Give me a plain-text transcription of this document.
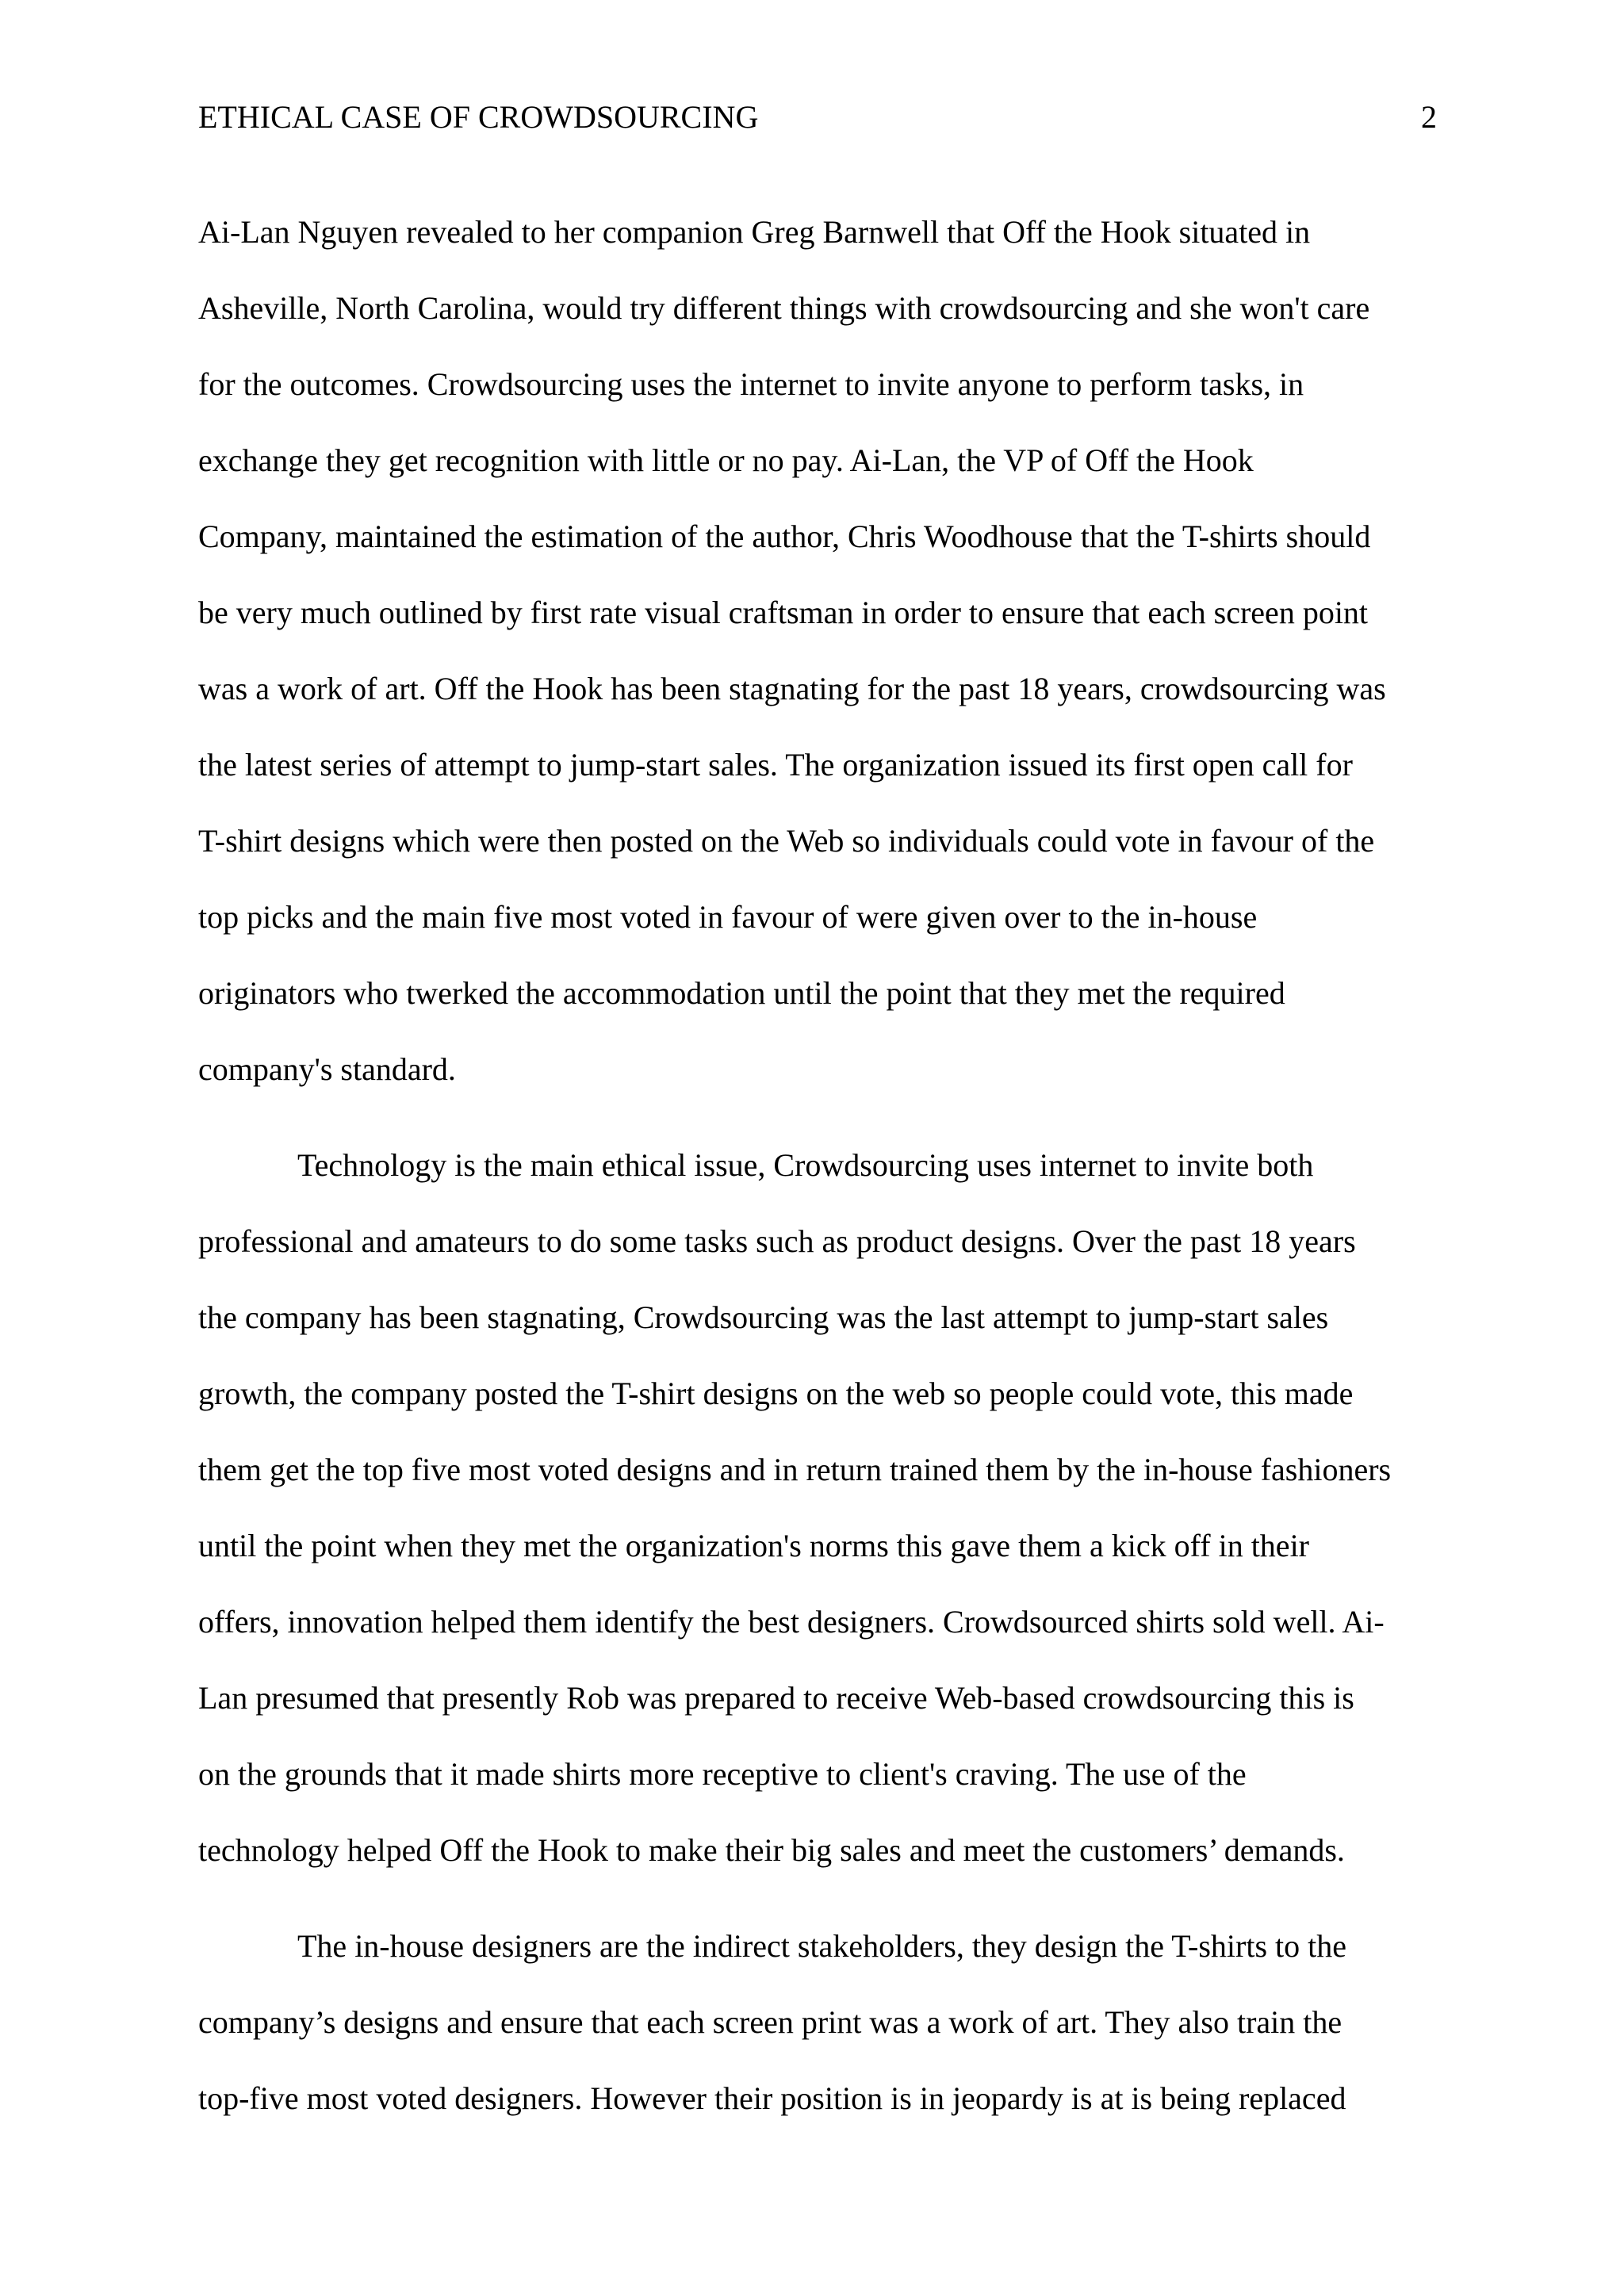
ETHICAL CASE OF CROWDSOURCING	2
Ai-Lan Nguyen revealed to her companion Greg Barnwell that Off the Hook situated in
Asheville, North Carolina, would try different things with crowdsourcing and she won't care
for the outcomes. Crowdsourcing uses the internet to invite anyone to perform tasks, in
exchange they get recognition with little or no pay. Ai-Lan, the VP of Off the Hook
Company, maintained the estimation of the author, Chris Woodhouse that the T-shirts should
be very much outlined by first rate visual craftsman in order to ensure that each screen point
was a work of art. Off the Hook has been stagnating for the past 18 years, crowdsourcing was
the latest series of attempt to jump-start sales. The organization issued its first open call for
T-shirt designs which were then posted on the Web so individuals could vote in favour of the
top picks and the main five most voted in favour of were given over to the in-house
originators who twerked the accommodation until the point that they met the required
company's standard.
Technology is the main ethical issue, Crowdsourcing uses internet to invite both
professional and amateurs to do some tasks such as product designs. Over the past 18 years
the company has been stagnating, Crowdsourcing was the last attempt to jump-start sales
growth, the company posted the T-shirt designs on the web so people could vote, this made
them get the top five most voted designs and in return trained them by the in-house fashioners
until the point when they met the organization's norms this gave them a kick off in their
offers, innovation helped them identify the best designers. Crowdsourced shirts sold well. Ai-
Lan presumed that presently Rob was prepared to receive Web-based crowdsourcing this is
on the grounds that it made shirts more receptive to client's craving. The use of the
technology helped Off the Hook to make their big sales and meet the customers’ demands.
The in-house designers are the indirect stakeholders, they design the T-shirts to the
company’s designs and ensure that each screen print was a work of art. They also train the
top-five most voted designers. However their position is in jeopardy is at is being replaced
